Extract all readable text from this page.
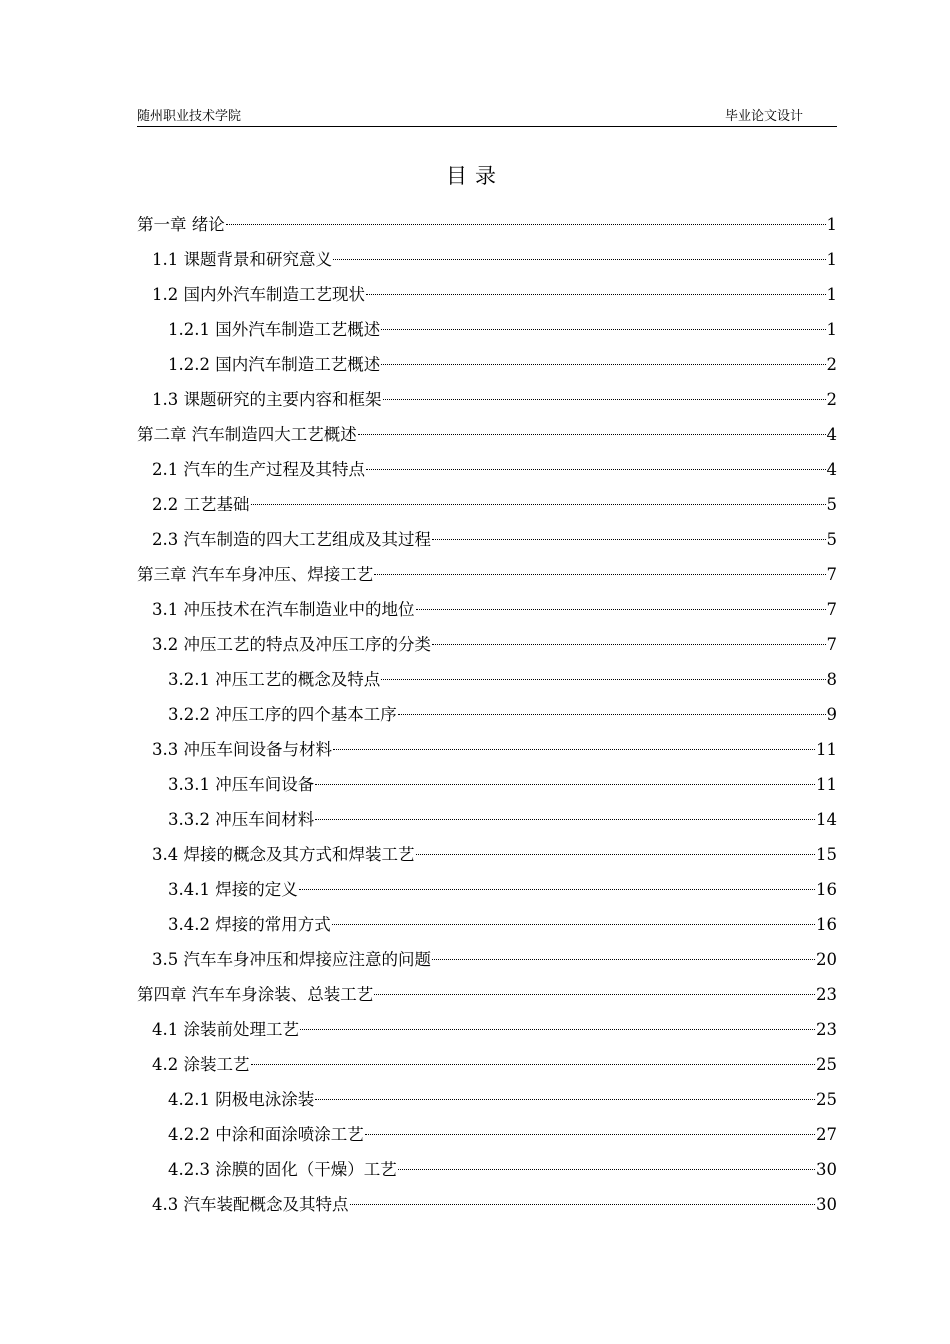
随州职业技术学院	毕业论文设计
目录
第一章 绪论	1
1.1 课题背景和研究意义	1
1.2 国内外汽车制造工艺现状	1
1.2.1 国外汽车制造工艺概述	1
1.2.2 国内汽车制造工艺概述	2
1.3 课题研究的主要内容和框架	2
第二章 汽车制造四大工艺概述	4
2.1 汽车的生产过程及其特点	4
2.2 工艺基础	5
2.3 汽车制造的四大工艺组成及其过程	5
第三章 汽车车身冲压、焊接工艺	7
3.1 冲压技术在汽车制造业中的地位	7
3.2 冲压工艺的特点及冲压工序的分类	7
3.2.1 冲压工艺的概念及特点	8
3.2.2 冲压工序的四个基本工序	9
3.3 冲压车间设备与材料	11
3.3.1 冲压车间设备	11
3.3.2 冲压车间材料	14
3.4 焊接的概念及其方式和焊装工艺	15
3.4.1 焊接的定义	16
3.4.2 焊接的常用方式	16
3.5 汽车车身冲压和焊接应注意的问题	20
第四章 汽车车身涂装、总装工艺	23
4.1 涂装前处理工艺	23
4.2 涂装工艺	25
4.2.1 阴极电泳涂装	25
4.2.2 中涂和面涂喷涂工艺	27
4.2.3 涂膜的固化（干燥）工艺	30
4.3 汽车装配概念及其特点	30
